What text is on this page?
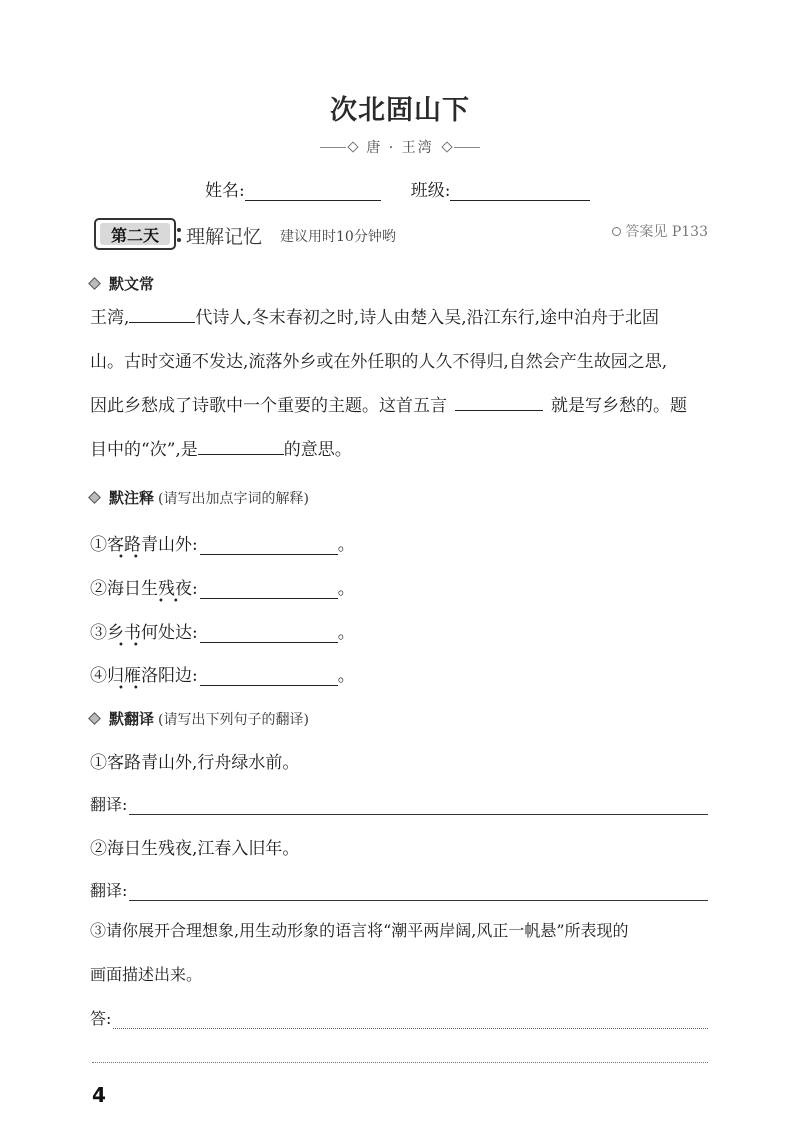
次北固山下
唐 · 王湾
姓名:	班级:
第二天	理解记忆 建议用时10分钟哟	答案见 P133
默文常
王湾,	代诗人,冬末春初之时,诗人由楚入吴,沿江东行,途中泊舟于北固
山。古时交通不发达,流落外乡或在外任职的人久不得归,自然会产生故园之思,
因此乡愁成了诗歌中一个重要的主题。这首五言	就是写乡愁的。题
目中的“次”,是	的意思。
默注释 (请写出加点字词的解释)
①客路青山外:	。
••
②海日生残夜:	。
••
③乡书何处达:	。
••
④归雁洛阳边:	。
••
默翻译 (请写出下列句子的翻译)
①客路青山外,行舟绿水前。
翻译:
②海日生残夜,江春入旧年。
翻译:
③请你展开合理想象,用生动形象的语言将“潮平两岸阔,风正一帆悬”所表现的
画面描述出来。
答:
4
